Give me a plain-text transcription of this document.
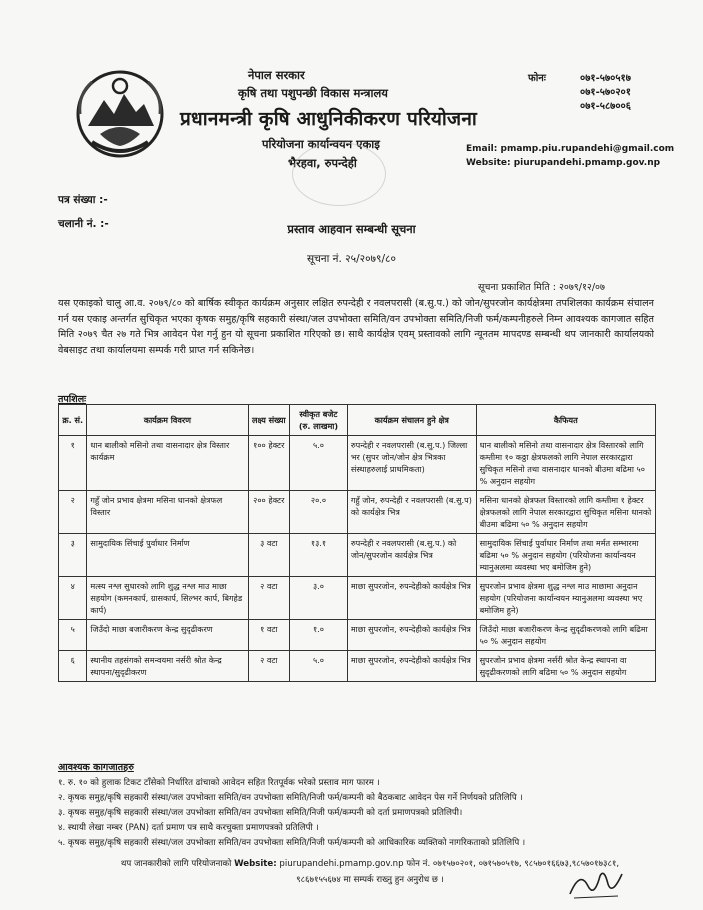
नेपाल सरकार
कृषि तथा पशुपन्छी विकास मन्त्रालय
प्रधानमन्त्री कृषि आधुनिकीकरण परियोजना
परियोजना कार्यान्वयन एकाइ
भैरहवा, रुपन्देही
फोनः	०७१-५७०५१७
०७१-५७०२०१
०७१-५८७००६
Email: pmamp.piu.rupandehi@gmail.com
Website: piurupandehi.pmamp.gov.np
पत्र संख्या :-
चलानी नं. :-	प्रस्ताव आहवान सम्बन्धी सूचना
सूचना नं. २५/२०७९/८०
सूचना प्रकाशित मिति : २०७९/१२/०७
यस एकाइको चालु आ.व. २०७९/८० को बार्षिक स्वीकृत कार्यक्रम अनुसार लक्षित रुपन्देही र नवलपरासी (ब.सु.प.) को जोन/सुपरजोन कार्यक्षेत्रमा तपशिलका कार्यक्रम संचालन गर्न यस एकाइ अन्तर्गत सुचिकृत भएका कृषक समुह/कृषि सहकारी संस्था/जल उपभोक्ता समिति/वन उपभोक्ता समिति/निजी फर्म/कम्पनीहरुले निम्न आवश्यक कागजात सहित मिति २०७९ चैत २७ गते भित्र आवेदन पेश गर्नु हुन यो सूचना प्रकाशित गरिएको छ। साथै कार्यक्षेत्र एवम् प्रस्तावको लागि न्यूनतम मापदण्ड सम्बन्धी थप जानकारी कार्यालयको वेबसाइट तथा कार्यालयमा सम्पर्क गरी प्राप्त गर्न सकिनेछ।
तपशिलः
क्र. सं.	कार्यक्रम विवरण	लक्ष्य संख्या	स्वीकृत बजेट (रु. लाखमा)	कार्यक्रम संचालन हुने क्षेत्र	कैफियत
१	धान बालीको मसिनो तथा वासनादार क्षेत्र विस्तार कार्यक्रम	१०० हेक्टर	५.०	रुपन्देही र नवलपरासी (ब.सु.प.) जिल्ला भर (सुपर जोन/जोन क्षेत्र भित्रका संस्थाहरुलाई प्राथमिकता)	धान बालीको मसिनो तथा वासनादार क्षेत्र विस्तारको लागि कम्तीमा १० कठ्ठा क्षेत्रफलको लागि नेपाल सरकारद्वारा सुचिकृत मसिनो तथा वासनादार धानको बीउमा बढिमा ५० % अनुदान सहयोग
२	गहुँ जोन प्रभाव क्षेत्रमा मसिना धानको क्षेत्रफल विस्तार	२०० हेक्टर	२०.०	गहुँ जोन, रुपन्देही र नवलपरासी (ब.सु.प) को कार्यक्षेत्र भित्र	मसिना धानको क्षेत्रफल विस्तारको लागि कम्तीमा १ हेक्टर क्षेत्रफलको लागि नेपाल सरकारद्वारा सुचिकृत मसिना धानको बीउमा बढिमा ५० % अनुदान सहयोग
३	सामुदायिक सिंचाई पुर्वाधार निर्माण	३ वटा	१३.१	रुपन्देही र नवलपरासी (ब.सु.प.) को जोन/सुपरजोन कार्यक्षेत्र भित्र	सामुदायिक सिंचाई पुर्वाधार निर्माण तथा मर्मत सम्भारमा बढिमा ५० % अनुदान सहयोग (परियोजना कार्यान्वयन म्यानुअलमा व्यवस्था भए बमोजिम हुने)
४	मत्स्य नश्ल सुधारको लागि शुद्ध नश्ल माउ माछा सहयोग (कमनकार्प, ग्रासकार्प, सिल्भर कार्प, बिगहेड कार्प)	२ वटा	३.०	माछा सुपरजोन, रुपन्देहीको कार्यक्षेत्र भित्र	सुपरजोन प्रभाव क्षेत्रमा शुद्ध नश्ल माउ माछामा अनुदान सहयोग (परियोजना कार्यान्वयन म्यानुअलमा व्यवस्था भए बमोजिम हुने)
५	जिउँदो माछा बजारीकरण केन्द्र सुदृढीकरण	१ वटा	१.०	माछा सुपरजोन, रुपन्देहीको कार्यक्षेत्र भित्र	जिउँदो माछा बजारीकरण केन्द्र सुदृढीकरणको लागि बढिमा ५० % अनुदान सहयोग
६	स्थानीय तहसंगको समन्वयमा नर्सरी श्रोत केन्द्र स्थापना/सुदृढीकरण	२ वटा	५.०	माछा सुपरजोन, रुपन्देहीको कार्यक्षेत्र भित्र	सुपरजोन प्रभाव क्षेत्रमा नर्सरी श्रोत केन्द्र स्थापना वा सुदृढीकरणको लागि बढिमा ५० % अनुदान सहयोग
आवश्यक कागजातहरु
१. रु. १० को हुलाक टिकट टाँसेको निर्धारित ढांचाको आवेदन सहित रितपूर्वक भरेको प्रस्ताव माग फारम ।
२. कृषक समुह/कृषि सहकारी संस्था/जल उपभोक्ता समिति/वन उपभोक्ता समिति/निजी फर्म/कम्पनी को बैठकबाट आवेदन पेस गर्ने निर्णयको प्रतिलिपि ।
३. कृषक समुह/कृषि सहकारी संस्था/जल उपभोक्ता समिति/वन उपभोक्ता समिति/निजी फर्म/कम्पनी को दर्ता प्रमाणपत्रको प्रतिलिपी।
४. स्थायी लेखा नम्बर (PAN) दर्ता प्रमाण पत्र साथै करचुक्ता प्रमाणपत्रको प्रतिलिपी ।
५. कृषक समुह/कृषि सहकारी संस्था/जल उपभोक्ता समिति/वन उपभोक्ता समिति/निजी फर्म/कम्पनी को आधिकारिक व्यक्तिको नागरिकताको प्रतिलिपि ।
थप जानकारीको लागि परियोजनाको Website: piurupandehi.pmamp.gov.np फोन नं. ०७१५७०२०१, ०७१५७०५१७, ९८५७०१६६७३,९८५७०१७३८१,
९८६७१५५६७४ मा सम्पर्क राख्नु हुन अनुरोध छ ।
